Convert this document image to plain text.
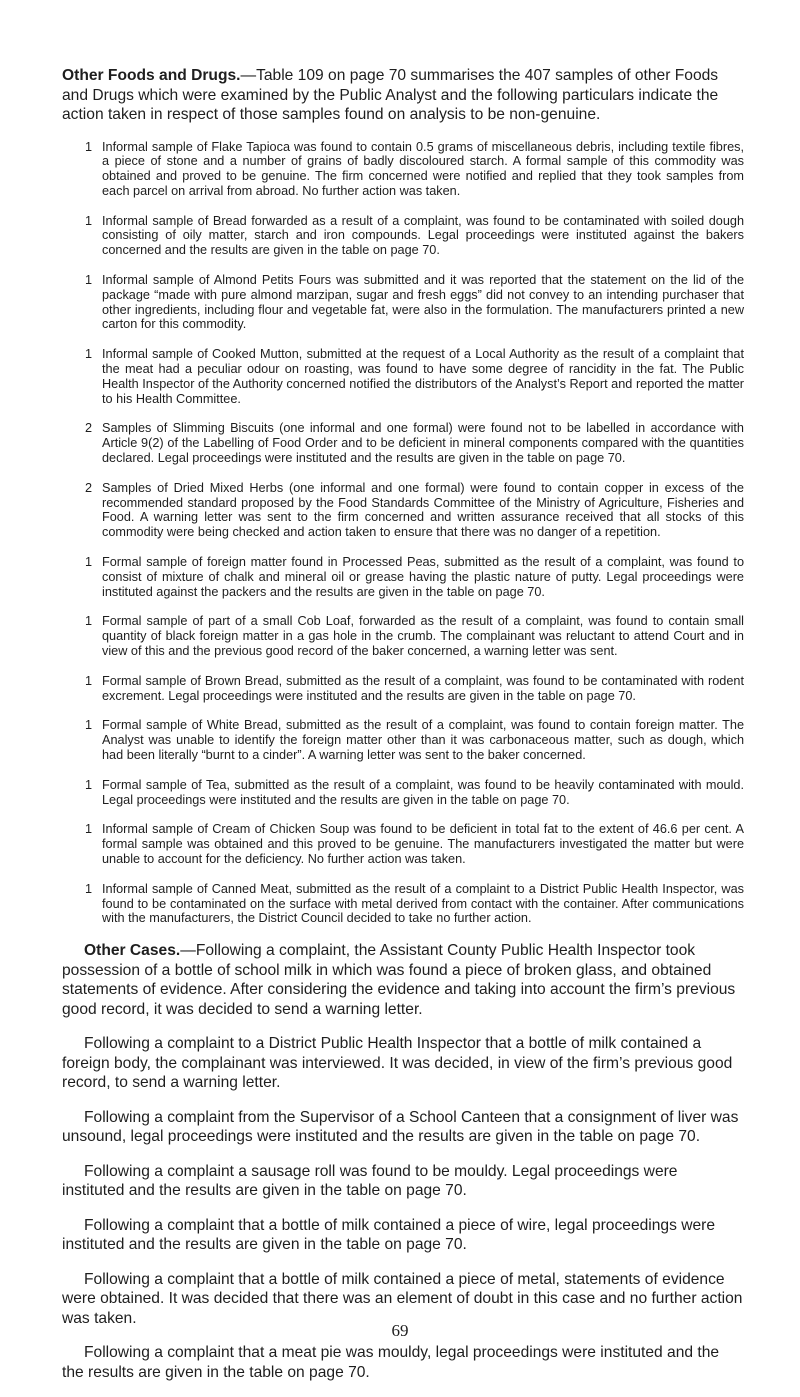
Other Foods and Drugs.—Table 109 on page 70 summarises the 407 samples of other Foods and Drugs which were examined by the Public Analyst and the following particulars indicate the action taken in respect of those samples found on analysis to be non-genuine.

1 Informal sample of Flake Tapioca was found to contain 0.5 grams of miscellaneous debris, including textile fibres, a piece of stone and a number of grains of badly discoloured starch. A formal sample of this commodity was obtained and proved to be genuine. The firm concerned were notified and replied that they took samples from each parcel on arrival from abroad. No further action was taken.
1 Informal sample of Bread forwarded as a result of a complaint, was found to be contaminated with soiled dough consisting of oily matter, starch and iron compounds. Legal proceedings were instituted against the bakers concerned and the results are given in the table on page 70.
1 Informal sample of Almond Petits Fours was submitted and it was reported that the statement on the lid of the package “made with pure almond marzipan, sugar and fresh eggs” did not convey to an intending purchaser that other ingredients, including flour and vegetable fat, were also in the formulation. The manufacturers printed a new carton for this commodity.
1 Informal sample of Cooked Mutton, submitted at the request of a Local Authority as the result of a complaint that the meat had a peculiar odour on roasting, was found to have some degree of rancidity in the fat. The Public Health Inspector of the Authority concerned notified the distributors of the Analyst’s Report and reported the matter to his Health Committee.
2 Samples of Slimming Biscuits (one informal and one formal) were found not to be labelled in accordance with Article 9(2) of the Labelling of Food Order and to be deficient in mineral components compared with the quantities declared. Legal proceedings were instituted and the results are given in the table on page 70.
2 Samples of Dried Mixed Herbs (one informal and one formal) were found to contain copper in excess of the recommended standard proposed by the Food Standards Committee of the Ministry of Agriculture, Fisheries and Food. A warning letter was sent to the firm concerned and written assurance received that all stocks of this commodity were being checked and action taken to ensure that there was no danger of a repetition.
1 Formal sample of foreign matter found in Processed Peas, submitted as the result of a complaint, was found to consist of mixture of chalk and mineral oil or grease having the plastic nature of putty. Legal proceedings were instituted against the packers and the results are given in the table on page 70.
1 Formal sample of part of a small Cob Loaf, forwarded as the result of a complaint, was found to contain small quantity of black foreign matter in a gas hole in the crumb. The complainant was reluctant to attend Court and in view of this and the previous good record of the baker concerned, a warning letter was sent.
1 Formal sample of Brown Bread, submitted as the result of a complaint, was found to be contaminated with rodent excrement. Legal proceedings were instituted and the results are given in the table on page 70.
1 Formal sample of White Bread, submitted as the result of a complaint, was found to contain foreign matter. The Analyst was unable to identify the foreign matter other than it was carbonaceous matter, such as dough, which had been literally “burnt to a cinder”. A warning letter was sent to the baker concerned.
1 Formal sample of Tea, submitted as the result of a complaint, was found to be heavily contaminated with mould. Legal proceedings were instituted and the results are given in the table on page 70.
1 Informal sample of Cream of Chicken Soup was found to be deficient in total fat to the extent of 46.6 per cent. A formal sample was obtained and this proved to be genuine. The manufacturers investigated the matter but were unable to account for the deficiency. No further action was taken.
1 Informal sample of Canned Meat, submitted as the result of a complaint to a District Public Health Inspector, was found to be contaminated on the surface with metal derived from contact with the container. After communications with the manufacturers, the District Council decided to take no further action.

Other Cases.—Following a complaint, the Assistant County Public Health Inspector took possession of a bottle of school milk in which was found a piece of broken glass, and obtained statements of evidence. After considering the evidence and taking into account the firm’s previous good record, it was decided to send a warning letter.

Following a complaint to a District Public Health Inspector that a bottle of milk contained a foreign body, the complainant was interviewed. It was decided, in view of the firm’s previous good record, to send a warning letter.

Following a complaint from the Supervisor of a School Canteen that a consignment of liver was unsound, legal proceedings were instituted and the results are given in the table on page 70.

Following a complaint a sausage roll was found to be mouldy. Legal proceedings were instituted and the results are given in the table on page 70.

Following a complaint that a bottle of milk contained a piece of wire, legal proceedings were instituted and the results are given in the table on page 70.

Following a complaint that a bottle of milk contained a piece of metal, statements of evidence were obtained. It was decided that there was an element of doubt in this case and no further action was taken.

Following a complaint that a meat pie was mouldy, legal proceedings were instituted and the the results are given in the table on page 70.

69
